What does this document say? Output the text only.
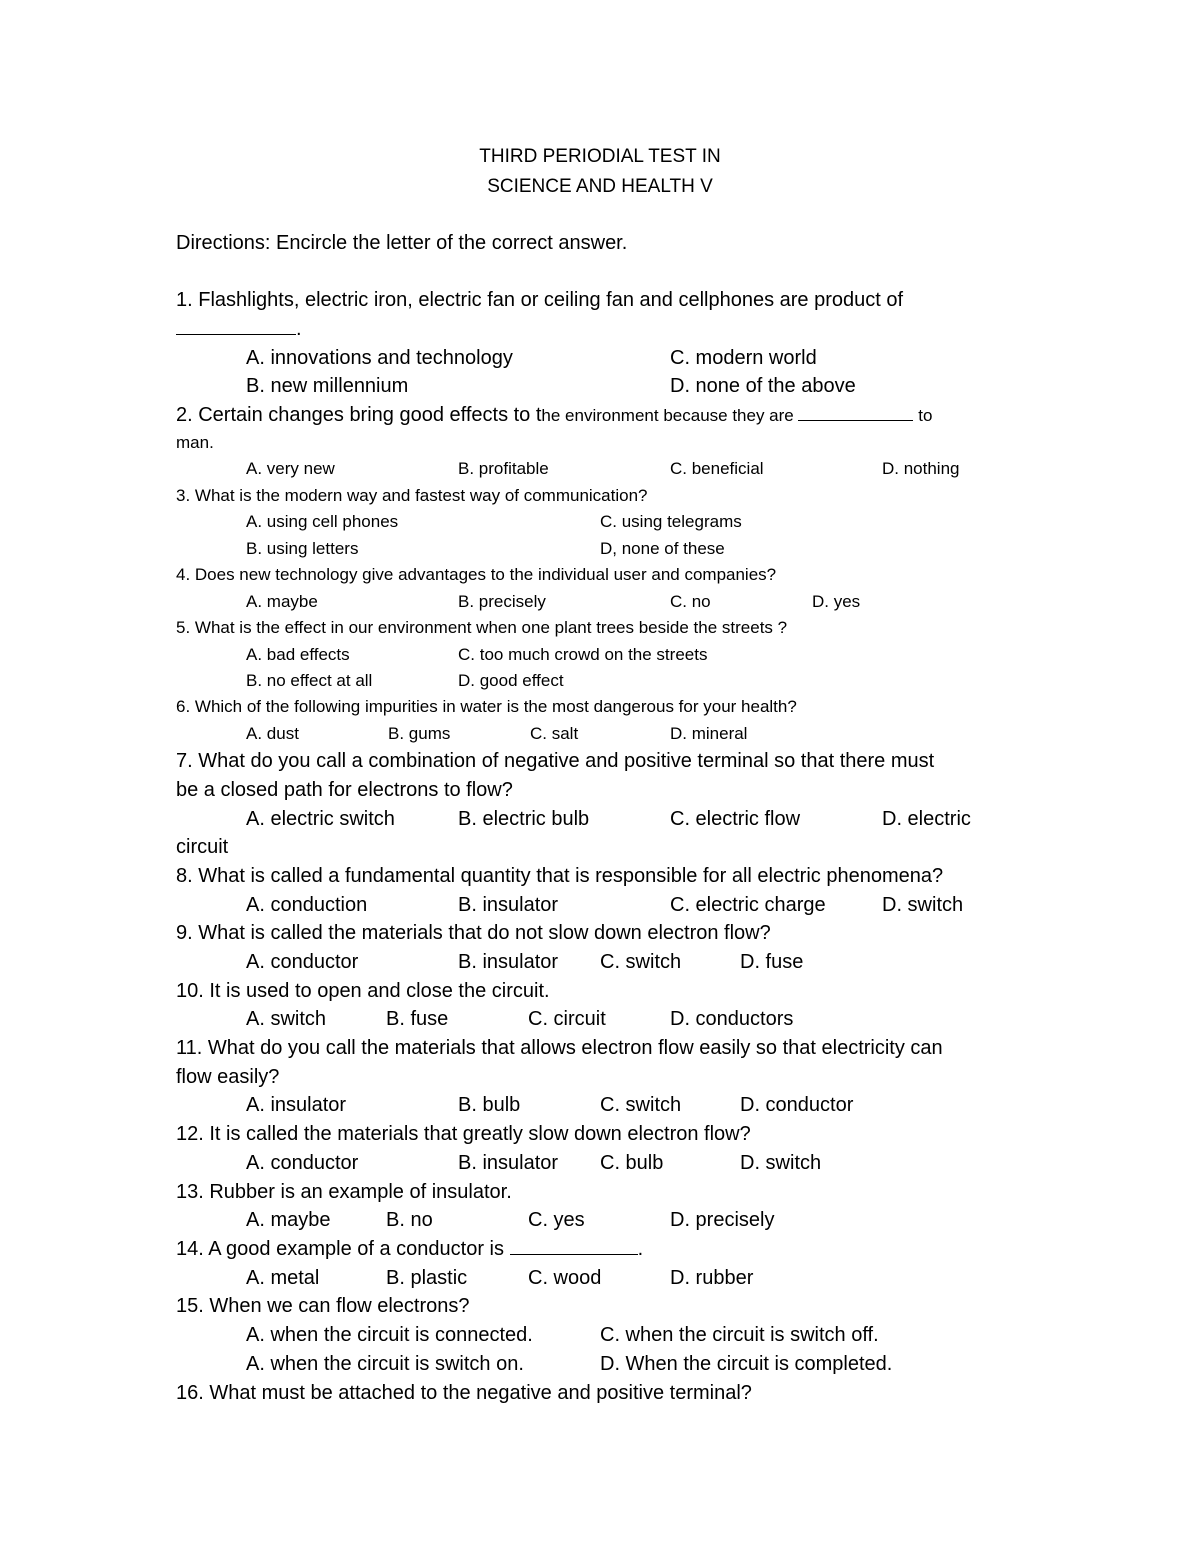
THIRD PERIODIAL TEST IN
SCIENCE AND HEALTH V
Directions: Encircle the letter of the correct answer.
1. Flashlights, electric iron, electric fan or ceiling fan and cellphones are product of
.
A. innovations and technology	C. modern world
B. new millennium	D. none of the above
2. Certain changes bring good effects to the environment because they are	to
man.
A. very new	B. profitable	C. beneficial	D. nothing
3. What is the modern way and fastest way of communication?
A. using cell phones	C. using telegrams
B. using letters	D, none of these
4. Does new technology give advantages to the individual user and companies?
A. maybe	B. precisely	C. no	D. yes
5. What is the effect in our environment when one plant trees beside the streets ?
A. bad effects	C. too much crowd on the streets
B. no effect at all	D. good effect
6. Which of the following impurities in water is the most dangerous for your health?
A. dust	B. gums	C. salt	D. mineral
7. What do you call a combination of negative and positive terminal so that there must
be a closed path for electrons to flow?
A. electric switch	B. electric bulb	C. electric flow	D. electric
circuit
8. What is called a fundamental quantity that is responsible for all electric phenomena?
A. conduction	B. insulator	C. electric charge	D. switch
9. What is called the materials that do not slow down electron flow?
A. conductor	B. insulator C. switch	D. fuse
10. It is used to open and close the circuit.
A. switch	B. fuse	C. circuit	D. conductors
11. What do you call the materials that allows electron flow easily so that electricity can
flow easily?
A. insulator	B. bulb	C. switch	D. conductor
12. It is called the materials that greatly slow down electron flow?
A. conductor	B. insulator C. bulb	D. switch
13. Rubber is an example of insulator.
A. maybe	B. no	C. yes	D. precisely
14. A good example of a conductor is	.
A. metal	B. plastic	C. wood	D. rubber
15. When we can flow electrons?
A. when the circuit is connected.	C. when the circuit is switch off.
A. when the circuit is switch on.	D. When the circuit is completed.
16. What must be attached to the negative and positive terminal?
